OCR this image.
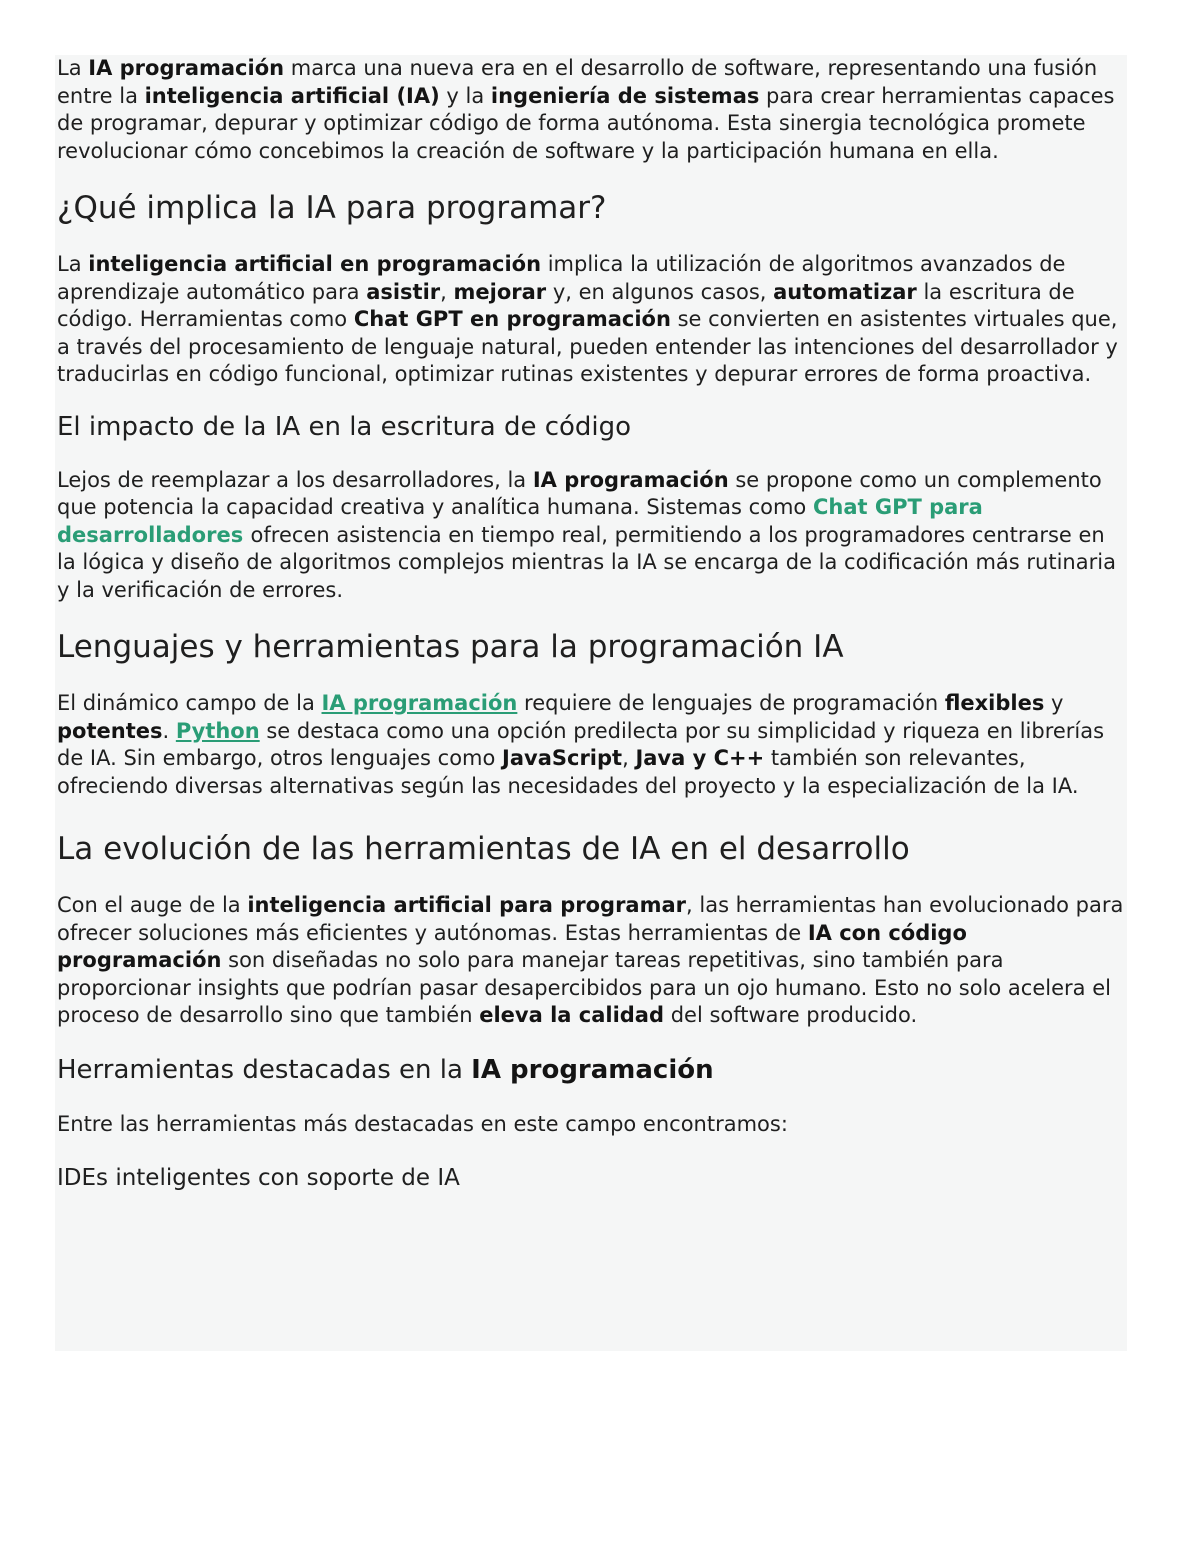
La IA programación marca una nueva era en el desarrollo de software, representando una fusión entre la inteligencia artificial (IA) y la ingeniería de sistemas para crear herramientas capaces de programar, depurar y optimizar código de forma autónoma. Esta sinergia tecnológica promete revolucionar cómo concebimos la creación de software y la participación humana en ella.

¿Qué implica la IA para programar?

La inteligencia artificial en programación implica la utilización de algoritmos avanzados de aprendizaje automático para asistir, mejorar y, en algunos casos, automatizar la escritura de código. Herramientas como Chat GPT en programación se convierten en asistentes virtuales que, a través del procesamiento de lenguaje natural, pueden entender las intenciones del desarrollador y traducirlas en código funcional, optimizar rutinas existentes y depurar errores de forma proactiva.

El impacto de la IA en la escritura de código

Lejos de reemplazar a los desarrolladores, la IA programación se propone como un complemento que potencia la capacidad creativa y analítica humana. Sistemas como Chat GPT para desarrolladores ofrecen asistencia en tiempo real, permitiendo a los programadores centrarse en la lógica y diseño de algoritmos complejos mientras la IA se encarga de la codificación más rutinaria y la verificación de errores.

Lenguajes y herramientas para la programación IA

El dinámico campo de la IA programación requiere de lenguajes de programación flexibles y potentes. Python se destaca como una opción predilecta por su simplicidad y riqueza en librerías de IA. Sin embargo, otros lenguajes como JavaScript, Java y C++ también son relevantes, ofreciendo diversas alternativas según las necesidades del proyecto y la especialización de la IA.

La evolución de las herramientas de IA en el desarrollo

Con el auge de la inteligencia artificial para programar, las herramientas han evolucionado para ofrecer soluciones más eficientes y autónomas. Estas herramientas de IA con código programación son diseñadas no solo para manejar tareas repetitivas, sino también para proporcionar insights que podrían pasar desapercibidos para un ojo humano. Esto no solo acelera el proceso de desarrollo sino que también eleva la calidad del software producido.

Herramientas destacadas en la IA programación

Entre las herramientas más destacadas en este campo encontramos:

IDEs inteligentes con soporte de IA
